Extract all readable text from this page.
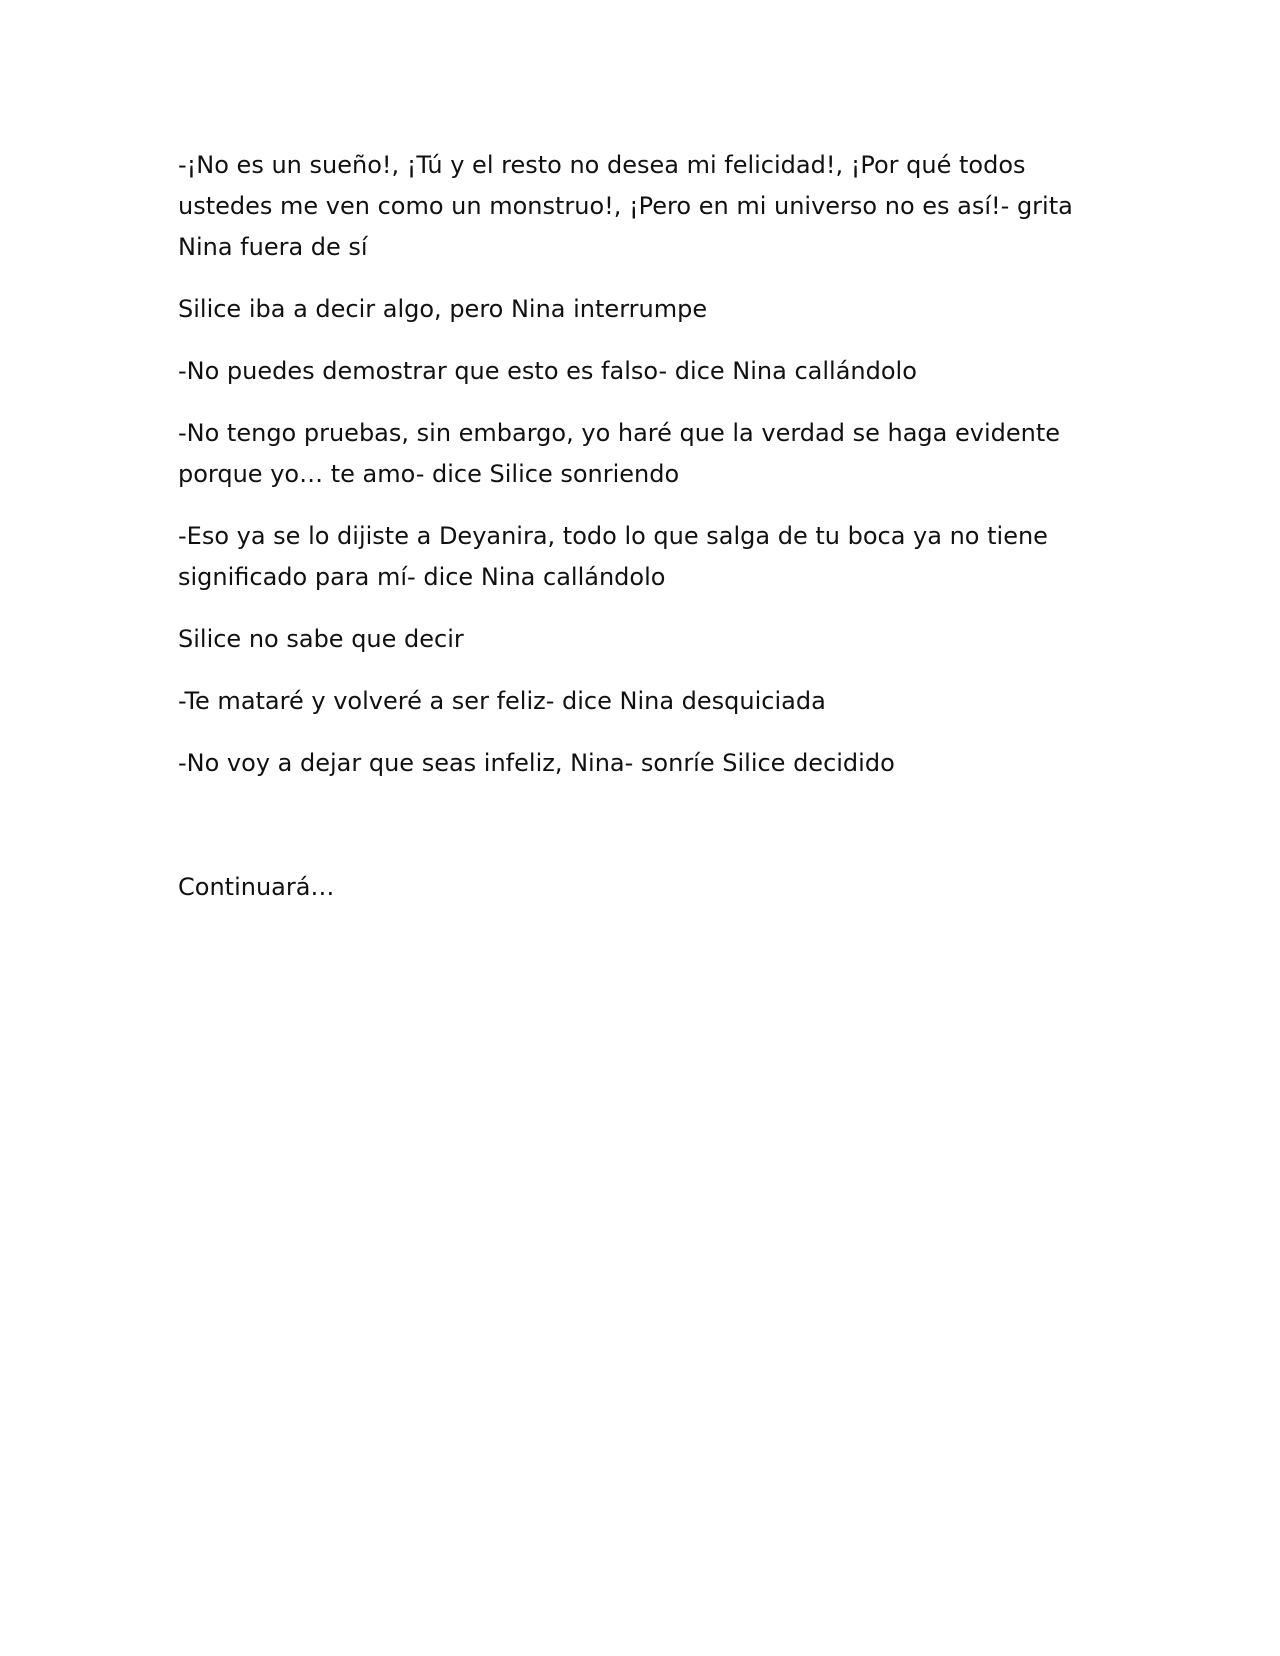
-¡No es un sueño!, ¡Tú y el resto no desea mi felicidad!, ¡Por qué todos ustedes me ven como un monstruo!, ¡Pero en mi universo no es así!- grita Nina fuera de sí

Silice iba a decir algo, pero Nina interrumpe

-No puedes demostrar que esto es falso- dice Nina callándolo

-No tengo pruebas, sin embargo, yo haré que la verdad se haga evidente porque yo… te amo- dice Silice sonriendo

-Eso ya se lo dijiste a Deyanira, todo lo que salga de tu boca ya no tiene significado para mí- dice Nina callándolo

Silice no sabe que decir

-Te mataré y volveré a ser feliz- dice Nina desquiciada

-No voy a dejar que seas infeliz, Nina- sonríe Silice decidido

Continuará…
